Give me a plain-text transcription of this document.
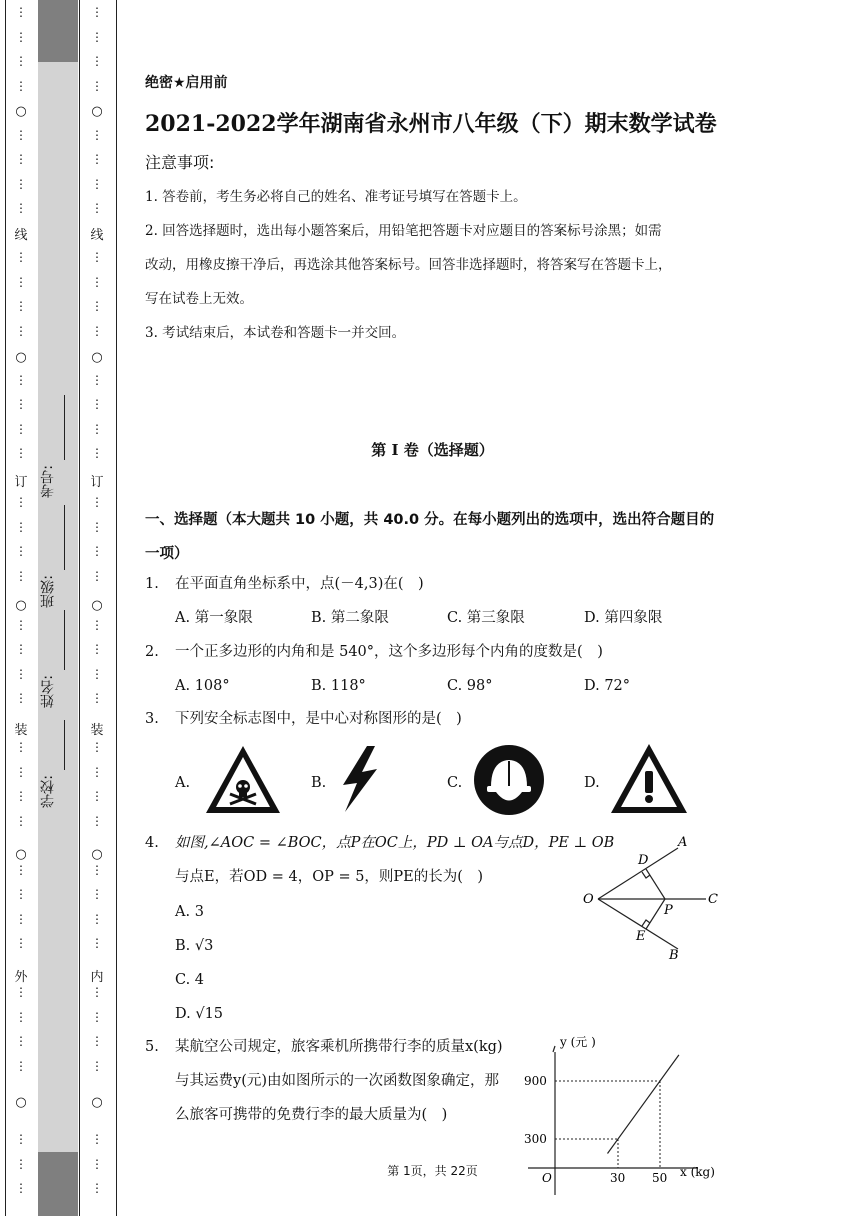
⋮
⋮
⋮
⋮
⋮
⋮
⋮
⋮
⋮
⋮
⋮
⋮
⋮
⋮
⋮
⋮
⋮
⋮
⋮
⋮
⋮
⋮
⋮
⋮
⋮
⋮
⋮
⋮
⋮
⋮
⋮
⋮
⋮
⋮
⋮
⋮
⋮
⋮
⋮
○
线
○
订
○
装
○
外
○
⋮
⋮
⋮
⋮
⋮
⋮
⋮
⋮
⋮
⋮
⋮
⋮
⋮
⋮
⋮
⋮
⋮
⋮
⋮
⋮
⋮
⋮
⋮
⋮
⋮
⋮
⋮
⋮
⋮
⋮
⋮
⋮
⋮
⋮
⋮
⋮
⋮
⋮
⋮
○
线
○
订
○
装
○
内
○
学校:
姓名:
班级:
考号:
绝密★启用前
2021-2022学年湖南省永州市八年级（下）期末数学试卷
注意事项:
1. 答卷前，考生务必将自己的姓名、准考证号填写在答题卡上。
2. 回答选择题时，选出每小题答案后，用铅笔把答题卡对应题目的答案标号涂黑；如需
改动，用橡皮擦干净后，再选涂其他答案标号。回答非选择题时，将答案写在答题卡上，
写在试卷上无效。
3. 考试结束后，本试卷和答题卡一并交回。
第 I 卷（选择题）
一、选择题（本大题共 10 小题，共 40.0 分。在每小题列出的选项中，选出符合题目的
一项）
1. 在平面直角坐标系中，点(－4,3)在(　)
A. 第一象限	B. 第二象限	C. 第三象限	D. 第四象限
2. 一个正多边形的内角和是 540°，这个多边形每个内角的度数是(　)
A. 108°	B. 118°	C. 98°	D. 72°
3. 下列安全标志图中，是中心对称图形的是(　)
A.	B.	C.	D.
4. 如图,∠AOC = ∠BOC，点P在OC上，PD ⊥ OA与点D，PE ⊥ OB
与点E，若OD = 4，OP = 5，则PE的长为(　)
A. 3
B. √3
C. 4
D. √15
A
D
O
P
C
E
B
5. 某航空公司规定，旅客乘机所携带行李的质量x(kg)
与其运费y(元)由如图所示的一次函数图象确定，那
么旅客可携带的免费行李的最大质量为(　)
第 1页，共 22页
y (元 )
x (kg)
O	30
300
50
900
